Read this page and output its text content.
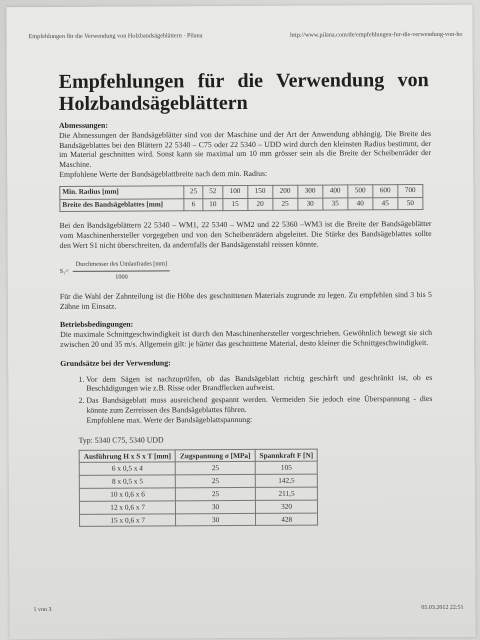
Empfehlungen für die Verwendung von Holzbandsägeblättern · Pilana	http://www.pilana.com/de/empfehlungen-fur-die-verwendung-von-ho
Empfehlungen für die Verwendung von Holzbandsägeblättern
Abmessungen:
Die Abmessungen der Bandsägeblätter sind von der Maschine und der Art der Anwendung abhängig. Die Breite des Bandsägeblattes bei den Blättern 22 5340 – C75 oder 22 5340 – UDD wird durch den kleinsten Radius bestimmt, der im Material geschnitten wird. Sonst kann sie maximal um 10 mm grösser sein als die Breite der Scheibenräder der Maschine.
Empfohlene Werte der Bandsägeblattbreite nach dem min. Radius:
Min. Radius [mm]	25	52	100	150	200	300	400	500	600	700
Breite des Bandsägeblattes [mm]	6	10	15	20	25	30	35	40	45	50
Bei den Bandsägeblättern 22 5340 – WM1, 22 5340 – WM2 und 22 5360 –WM3 ist die Breite der Bandsägeblätter vom Maschinenhersteller vorgegeben und von den Scheibenrädern abgeleitet. Die Stärke des Bandsägeblattes sollte den Wert S1 nicht überschreiten, da andernfalls der Bandsägenstahl reissen könnte.
$S_1< \frac{\text{Durchmesser des Umlaufrades [mm]}}{1000}$
Für die Wahl der Zahnteilung ist die Höhe des geschnittenen Materials zugrunde zu legen. Zu empfehlen sind 3 bis 5 Zähne im Einsatz.
Betriebsbedingungen:
Die maximale Schnittgeschwindigkeit ist durch den Maschinenhersteller vorgeschrieben. Gewöhnlich bewegt sie sich zwischen 20 und 35 m/s. Allgemein gilt: je härter das geschnittene Material, desto kleiner die Schnittgeschwindigkeit.
Grundsätze bei der Verwendung:
1. Vor dem Sägen ist nachzuprüfen, ob das Bandsägeblatt richtig geschärft und geschränkt ist, ob es Beschädigungen wie z.B. Risse oder Brandflecken aufweist.
2. Das Bandsägeblatt muss ausreichend gespannt werden. Vermeiden Sie jedoch eine Überspannung - dies könnte zum Zerreissen des Bandsägeblattes führen.
Empfohlene max. Werte der Bandsägeblattspannung:
Typ: 5340 C75, 5340 UDD
Ausführung H x S x T [mm]	Zugspannung σ [MPa]	Spannkraft F [N]
6 x 0,5 x 4	25	105
8 x 0,5 x 5	25	142,5
10 x 0,6 x 6	25	211,5
12 x 0,6 x 7	30	320
15 x 0,6 x 7	30	428
1 von 3	05.03.2012 22:51
